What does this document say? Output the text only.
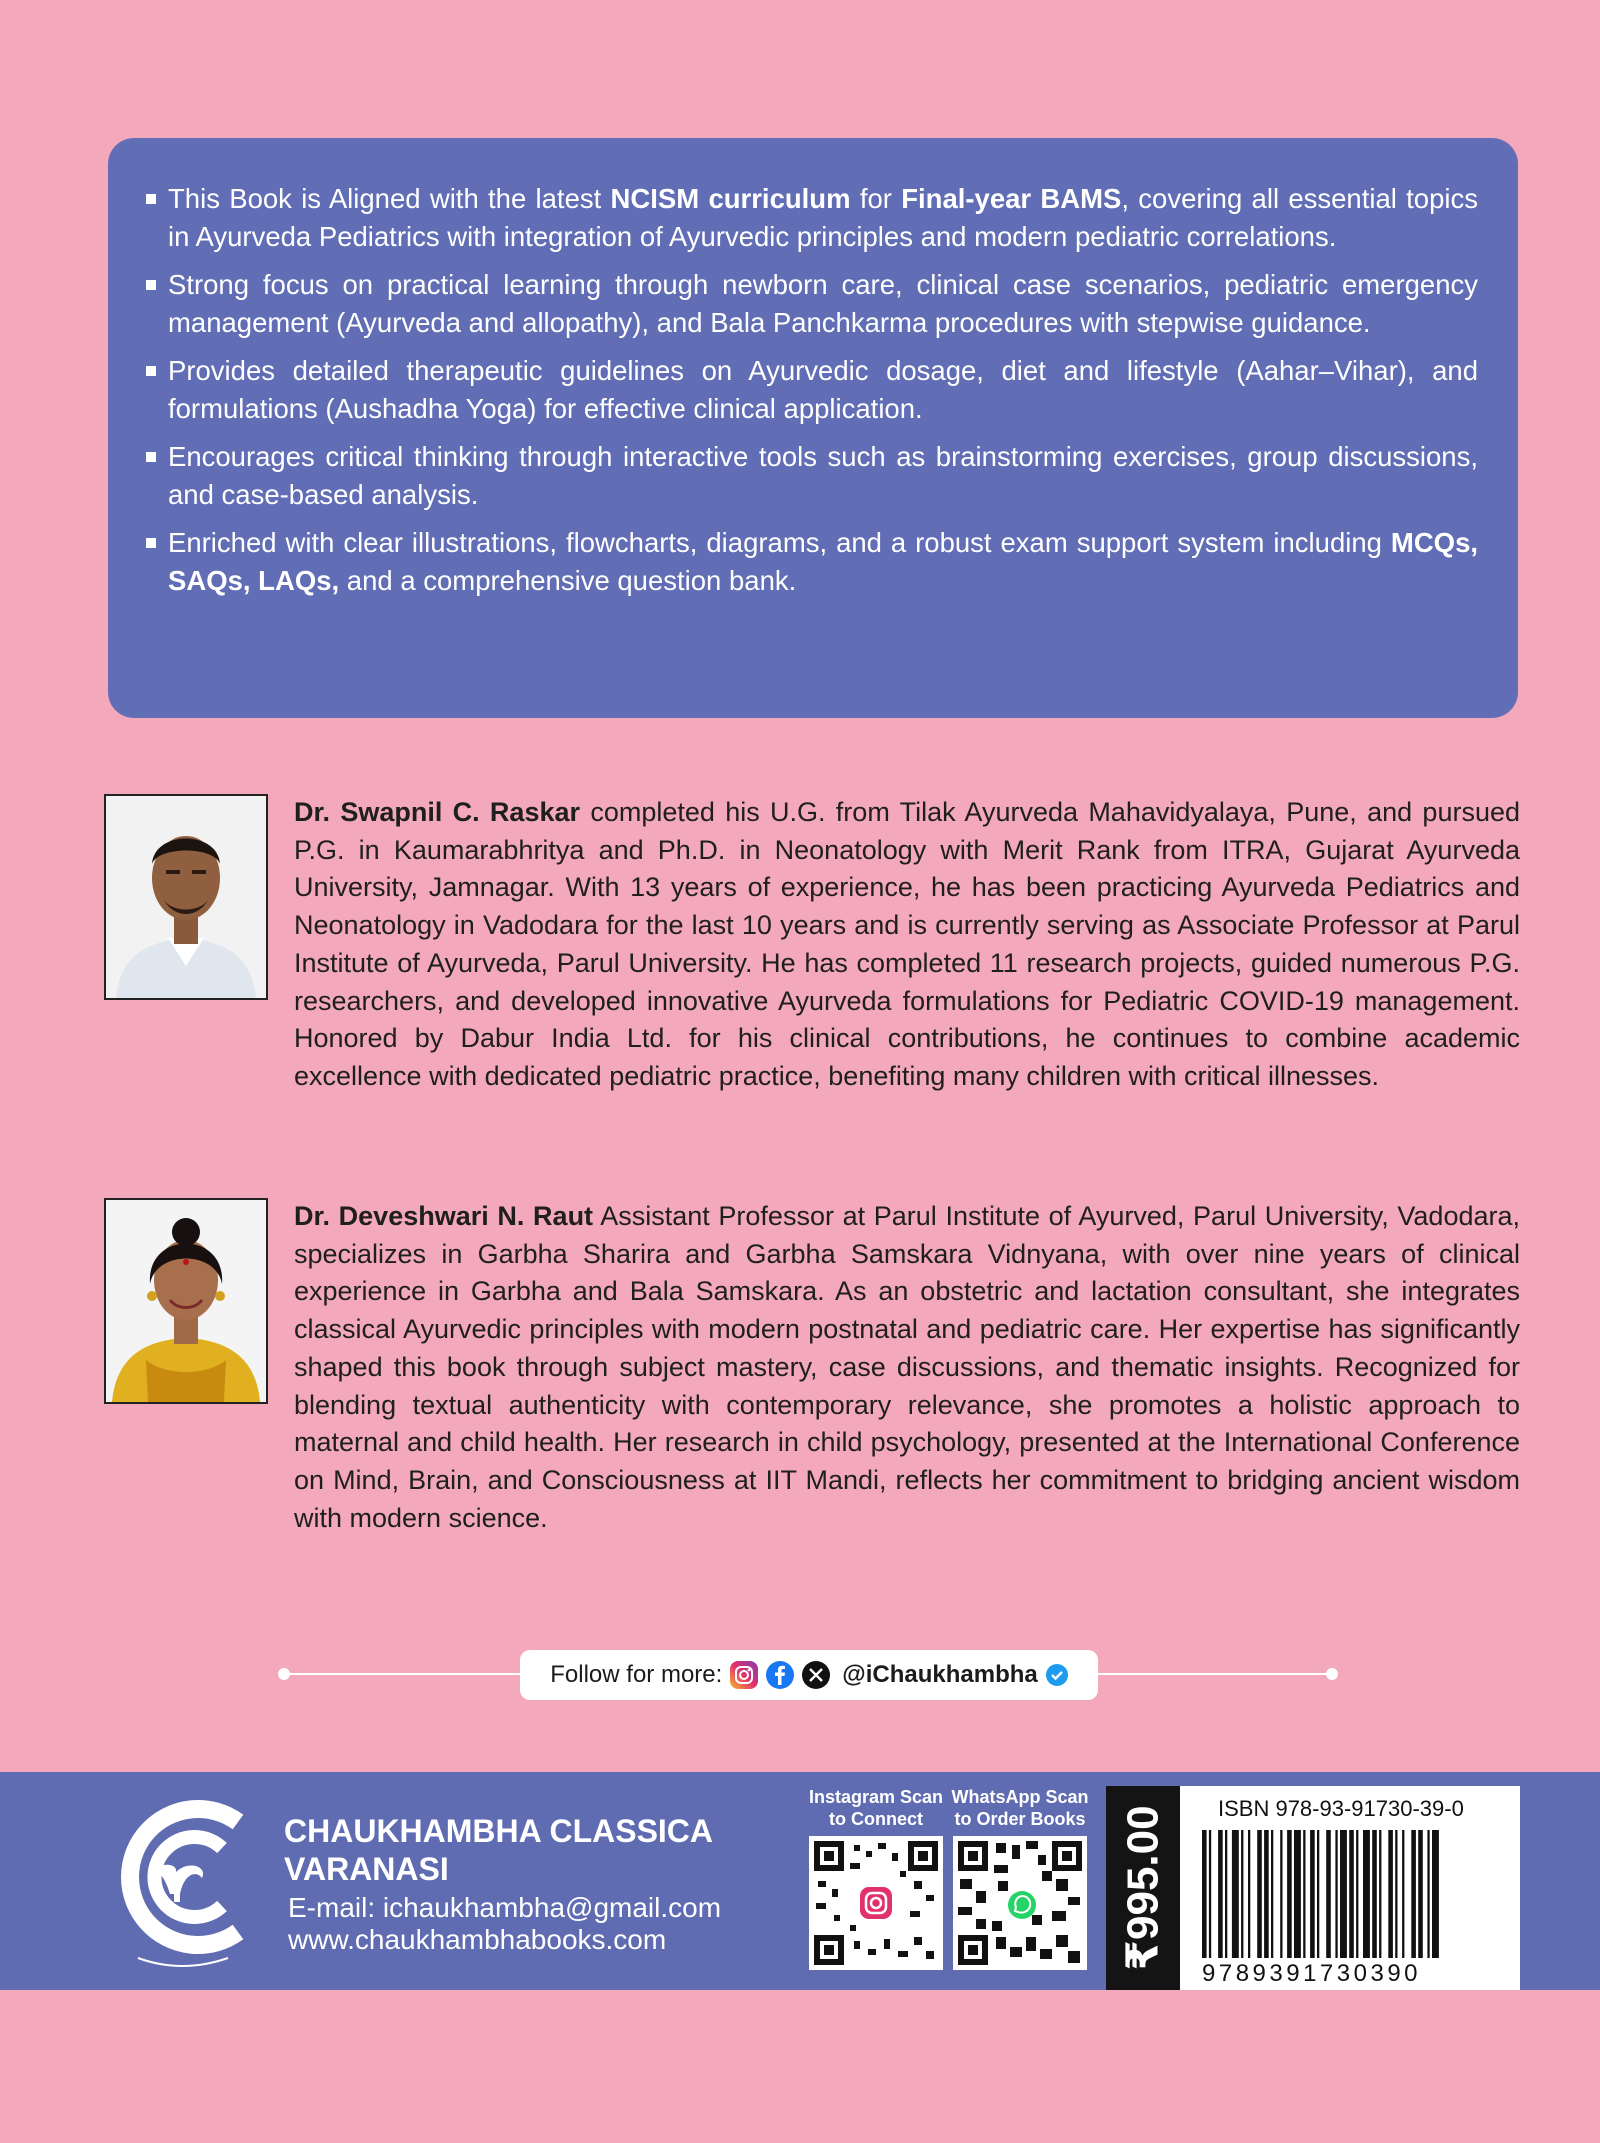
This Book is Aligned with the latest NCISM curriculum for Final-year BAMS, covering all essential topics in Ayurveda Pediatrics with integration of Ayurvedic principles and modern pediatric correlations.
Strong focus on practical learning through newborn care, clinical case scenarios, pediatric emergency management (Ayurveda and allopathy), and Bala Panchkarma procedures with stepwise guidance.
Provides detailed therapeutic guidelines on Ayurvedic dosage, diet and lifestyle (Aahar–Vihar), and formulations (Aushadha Yoga) for effective clinical application.
Encourages critical thinking through interactive tools such as brainstorming exercises, group discussions, and case-based analysis.
Enriched with clear illustrations, flowcharts, diagrams, and a robust exam support system including MCQs, SAQs, LAQs, and a comprehensive question bank.
Dr. Swapnil C. Raskar completed his U.G. from Tilak Ayurveda Mahavidyalaya, Pune, and pursued P.G. in Kaumarabhritya and Ph.D. in Neonatology with Merit Rank from ITRA, Gujarat Ayurveda University, Jamnagar. With 13 years of experience, he has been practicing Ayurveda Pediatrics and Neonatology in Vadodara for the last 10 years and is currently serving as Associate Professor at Parul Institute of Ayurveda, Parul University. He has completed 11 research projects, guided numerous P.G. researchers, and developed innovative Ayurveda formulations for Pediatric COVID-19 management. Honored by Dabur India Ltd. for his clinical contributions, he continues to combine academic excellence with dedicated pediatric practice, benefiting many children with critical illnesses.
Dr. Deveshwari N. Raut Assistant Professor at Parul Institute of Ayurved, Parul University, Vadodara, specializes in Garbha Sharira and Garbha Samskara Vidnyana, with over nine years of clinical experience in Garbha and Bala Samskara. As an obstetric and lactation consultant, she integrates classical Ayurvedic principles with modern postnatal and pediatric care. Her expertise has significantly shaped this book through subject mastery, case discussions, and thematic insights. Recognized for blending textual authenticity with contemporary relevance, she promotes a holistic approach to maternal and child health. Her research in child psychology, presented at the International Conference on Mind, Brain, and Consciousness at IIT Mandi, reflects her commitment to bridging ancient wisdom with modern science.
Follow for more:	@iChaukhambha
CHAUKHAMBHA CLASSICA
VARANASI
E-mail: ichaukhambha@gmail.com
www.chaukhambhabooks.com
Instagram Scan
to Connect
WhatsApp Scan
to Order Books ₹995.00 ISBN 978-93-91730-39-0
9789391730390
